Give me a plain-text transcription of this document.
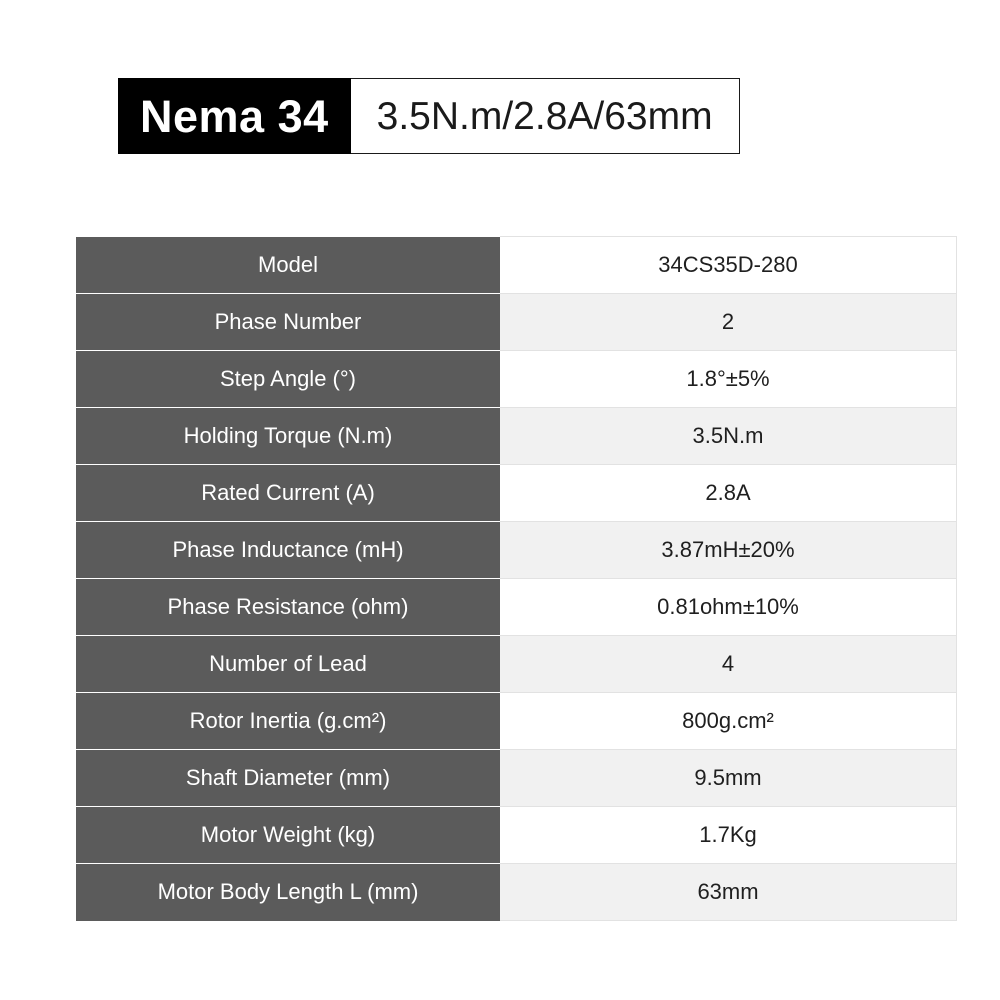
Nema 34	3.5N.m/2.8A/63mm
Model	34CS35D-280
Phase Number	2
Step Angle (°)	1.8°±5%
Holding Torque (N.m)	3.5N.m
Rated Current (A)	2.8A
Phase Inductance (mH)	3.87mH±20%
Phase Resistance (ohm)	0.81ohm±10%
Number of Lead	4
Rotor Inertia (g.cm²)	800g.cm²
Shaft Diameter (mm)	9.5mm
Motor Weight (kg)	1.7Kg
Motor Body Length L (mm)	63mm
